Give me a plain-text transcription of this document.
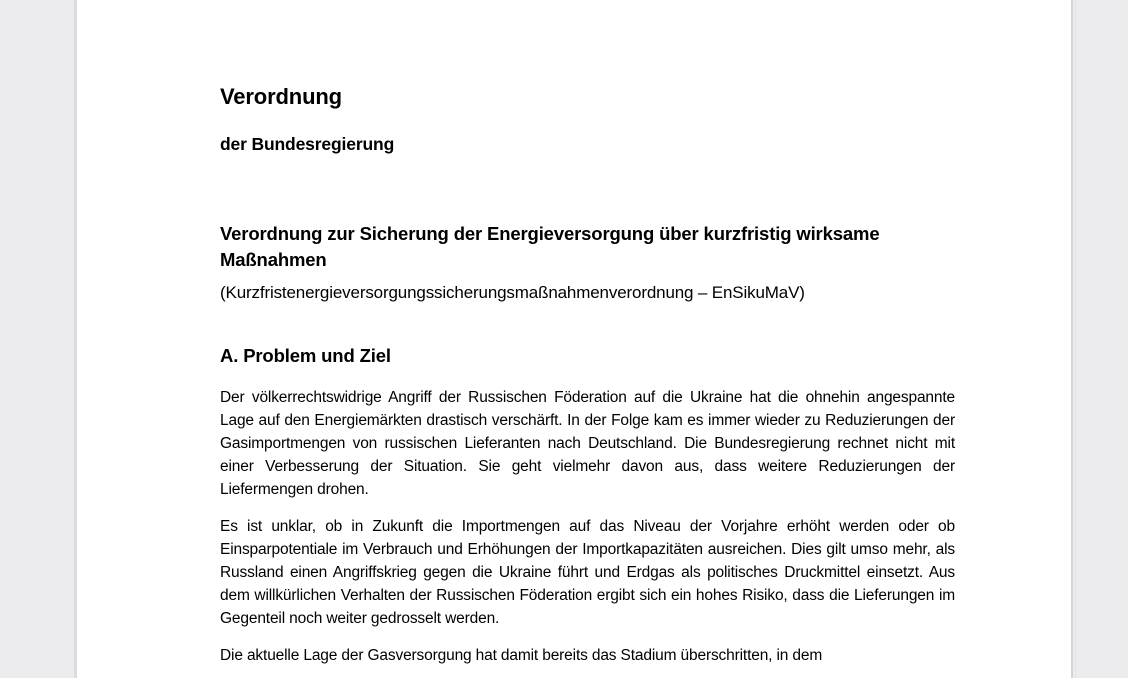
Verordnung
der Bundesregierung
Verordnung zur Sicherung der Energieversorgung über kurzfristig wirksame Maßnahmen
(Kurzfristenergieversorgungssicherungsmaßnahmenverordnung – EnSikuMaV)
A. Problem und Ziel

Der völkerrechtswidrige Angriff der Russischen Föderation auf die Ukraine hat die ohnehin angespannte Lage auf den Energiemärkten drastisch verschärft. In der Folge kam es immer wieder zu Reduzierungen der Gasimportmengen von russischen Lieferanten nach Deutschland. Die Bundesregierung rechnet nicht mit einer Verbesserung der Situation. Sie geht vielmehr davon aus, dass weitere Reduzierungen der Liefermengen drohen.

Es ist unklar, ob in Zukunft die Importmengen auf das Niveau der Vorjahre erhöht werden oder ob Einsparpotentiale im Verbrauch und Erhöhungen der Importkapazitäten ausreichen. Dies gilt umso mehr, als Russland einen Angriffskrieg gegen die Ukraine führt und Erdgas als politisches Druckmittel einsetzt. Aus dem willkürlichen Verhalten der Russischen Föderation ergibt sich ein hohes Risiko, dass die Lieferungen im Gegenteil noch weiter gedrosselt werden.

Die aktuelle Lage der Gasversorgung hat damit bereits das Stadium überschritten, in dem
